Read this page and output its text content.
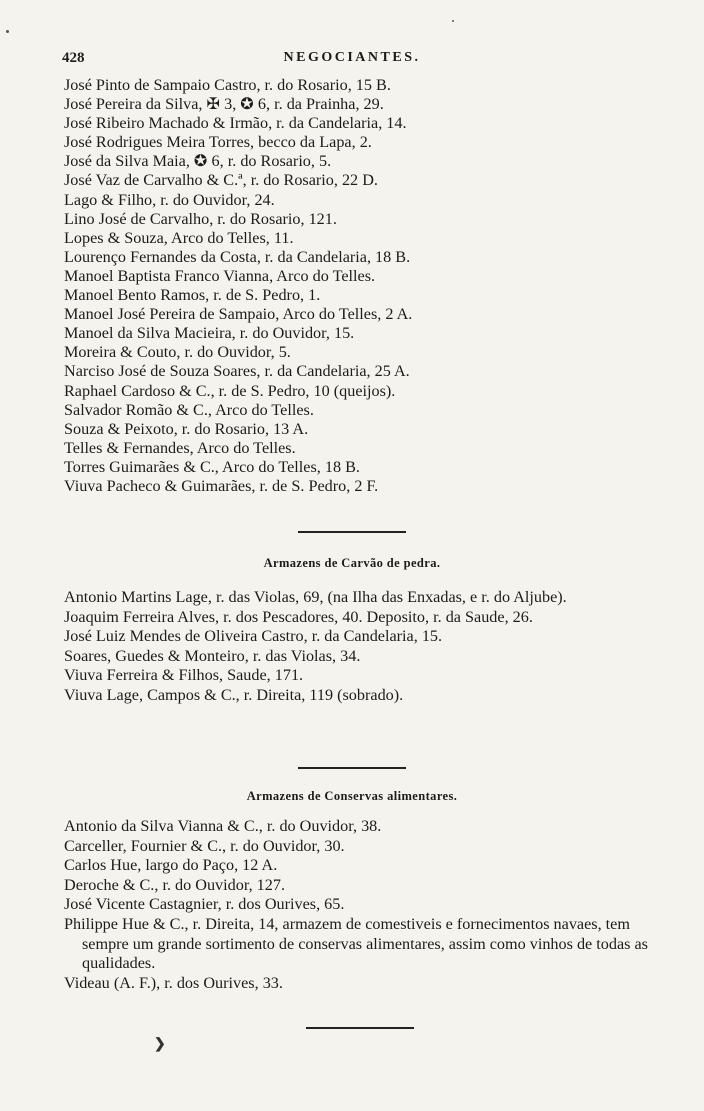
428	NEGOCIANTES.
José Pinto de Sampaio Castro, r. do Rosario, 15 B.
José Pereira da Silva, ✠ 3, ✪ 6, r. da Prainha, 29.
José Ribeiro Machado & Irmão, r. da Candelaria, 14.
José Rodrigues Meira Torres, becco da Lapa, 2.
José da Silva Maia, ✪ 6, r. do Rosario, 5.
José Vaz de Carvalho & C.ª, r. do Rosario, 22 D.
Lago & Filho, r. do Ouvidor, 24.
Lino José de Carvalho, r. do Rosario, 121.
Lopes & Souza, Arco do Telles, 11.
Lourenço Fernandes da Costa, r. da Candelaria, 18 B.
Manoel Baptista Franco Vianna, Arco do Telles.
Manoel Bento Ramos, r. de S. Pedro, 1.
Manoel José Pereira de Sampaio, Arco do Telles, 2 A.
Manoel da Silva Macieira, r. do Ouvidor, 15.
Moreira & Couto, r. do Ouvidor, 5.
Narciso José de Souza Soares, r. da Candelaria, 25 A.
Raphael Cardoso & C., r. de S. Pedro, 10 (queijos).
Salvador Romão & C., Arco do Telles.
Souza & Peixoto, r. do Rosario, 13 A.
Telles & Fernandes, Arco do Telles.
Torres Guimarães & C., Arco do Telles, 18 B.
Viuva Pacheco & Guimarães, r. de S. Pedro, 2 F.
Armazens de Carvão de pedra.
Antonio Martins Lage, r. das Violas, 69, (na Ilha das Enxadas, e r. do Aljube).
Joaquim Ferreira Alves, r. dos Pescadores, 40. Deposito, r. da Saude, 26.
José Luiz Mendes de Oliveira Castro, r. da Candelaria, 15.
Soares, Guedes & Monteiro, r. das Violas, 34.
Viuva Ferreira & Filhos, Saude, 171.
Viuva Lage, Campos & C., r. Direita, 119 (sobrado).
Armazens de Conservas alimentares.
Antonio da Silva Vianna & C., r. do Ouvidor, 38.
Carceller, Fournier & C., r. do Ouvidor, 30.
Carlos Hue, largo do Paço, 12 A.
Deroche & C., r. do Ouvidor, 127.
José Vicente Castagnier, r. dos Ourives, 65.
Philippe Hue & C., r. Direita, 14, armazem de comestiveis e fornecimentos navaes, tem sempre um grande sortimento de conservas alimentares, assim como vinhos de todas as qualidades.
Videau (A. F.), r. dos Ourives, 33.
❯
